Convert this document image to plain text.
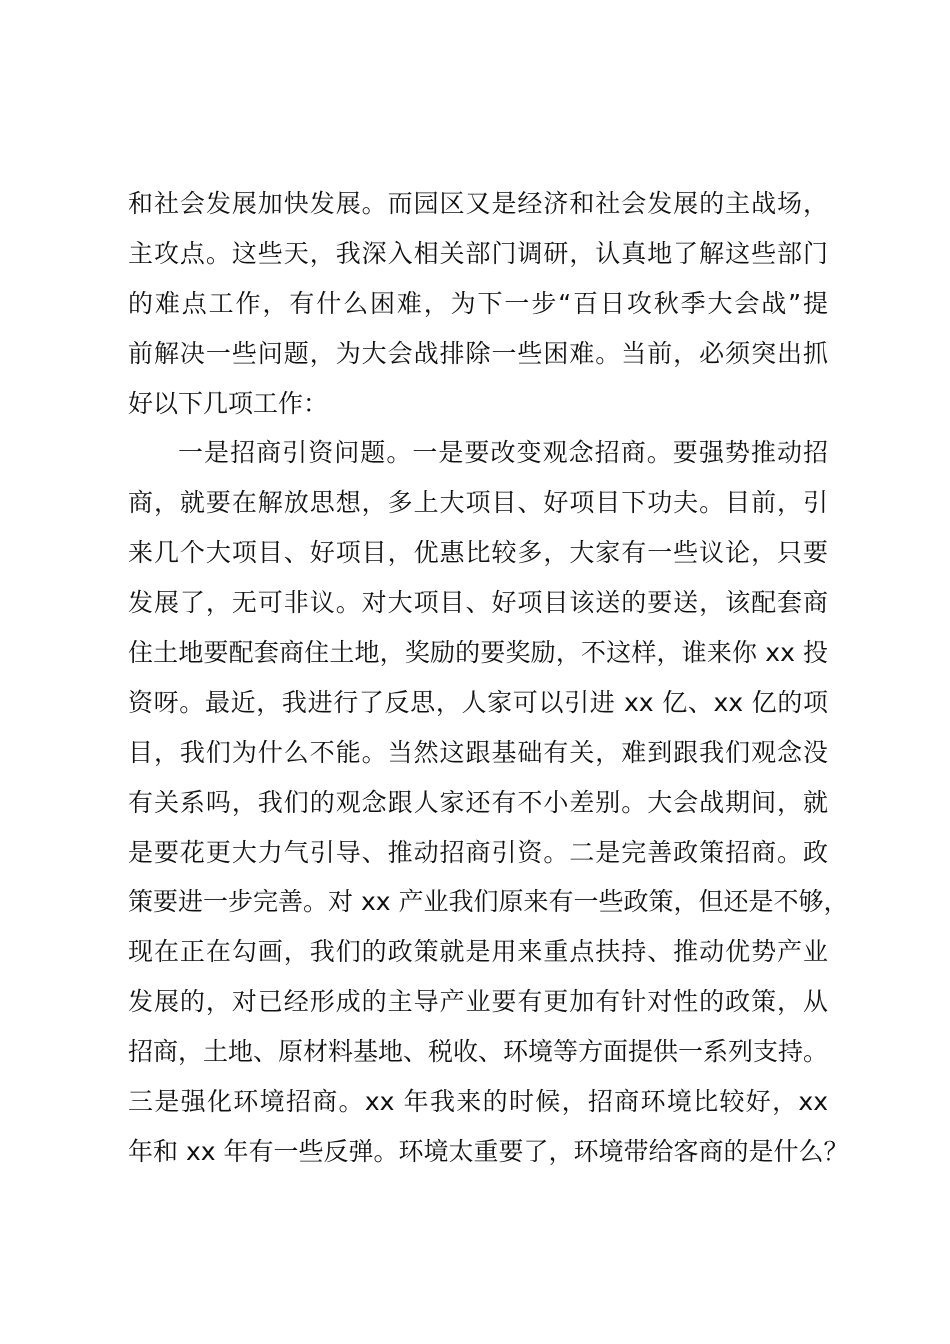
和社会发展加快发展。而园区又是经济和社会发展的主战场，
主攻点。这些天，我深入相关部门调研，认真地了解这些部门
的难点工作，有什么困难，为下一步“百日攻秋季大会战”提
前解决一些问题，为大会战排除一些困难。当前，必须突出抓
好以下几项工作：
一是招商引资问题。一是要改变观念招商。要强势推动招
商，就要在解放思想，多上大项目、好项目下功夫。目前，引
来几个大项目、好项目，优惠比较多，大家有一些议论，只要
发展了，无可非议。对大项目、好项目该送的要送，该配套商
住土地要配套商住土地，奖励的要奖励，不这样，谁来你 xx 投
资呀。最近，我进行了反思，人家可以引进 xx 亿、xx 亿的项
目，我们为什么不能。当然这跟基础有关，难到跟我们观念没
有关系吗，我们的观念跟人家还有不小差别。大会战期间，就
是要花更大力气引导、推动招商引资。二是完善政策招商。政
策要进一步完善。对 xx 产业我们原来有一些政策，但还是不够，
现在正在勾画，我们的政策就是用来重点扶持、推动优势产业
发展的，对已经形成的主导产业要有更加有针对性的政策，从
招商，土地、原材料基地、税收、环境等方面提供一系列支持。
三是强化环境招商。xx 年我来的时候，招商环境比较好，xx
年和 xx 年有一些反弹。环境太重要了，环境带给客商的是什么？
